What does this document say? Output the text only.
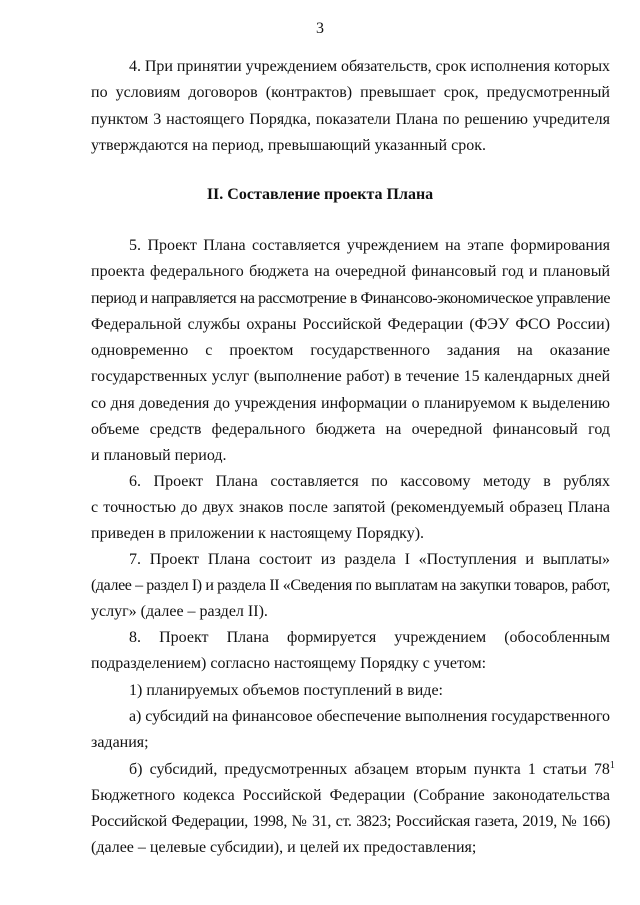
3
4. При принятии учреждением обязательств, срок исполнения которых
по условиям договоров (контрактов) превышает срок, предусмотренный
пунктом 3 настоящего Порядка, показатели Плана по решению учредителя
утверждаются на период, превышающий указанный срок.
II. Составление проекта Плана
5. Проект Плана составляется учреждением на этапе формирования
проекта федерального бюджета на очередной финансовый год и плановый
период и направляется на рассмотрение в Финансово-экономическое управление
Федеральной службы охраны Российской Федерации (ФЭУ ФСО России)
одновременно с проектом государственного задания на оказание
государственных услуг (выполнение работ) в течение 15 календарных дней
со дня доведения до учреждения информации о планируемом к выделению
объеме средств федерального бюджета на очередной финансовый год
и плановый период.
6. Проект Плана составляется по кассовому методу в рублях
с точностью до двух знаков после запятой (рекомендуемый образец Плана
приведен в приложении к настоящему Порядку).
7. Проект Плана состоит из раздела I «Поступления и выплаты»
(далее – раздел I) и раздела II «Сведения по выплатам на закупки товаров, работ,
услуг» (далее – раздел II).
8. Проект Плана формируется учреждением (обособленным
подразделением) согласно настоящему Порядку с учетом:
1) планируемых объемов поступлений в виде:
а) субсидий на финансовое обеспечение выполнения государственного
задания;
б) субсидий, предусмотренных абзацем вторым пункта 1 статьи $78^1$
Бюджетного кодекса Российской Федерации (Собрание законодательства
Российской Федерации, 1998, № 31, ст. 3823; Российская газета, 2019, № 166)
(далее – целевые субсидии), и целей их предоставления;
